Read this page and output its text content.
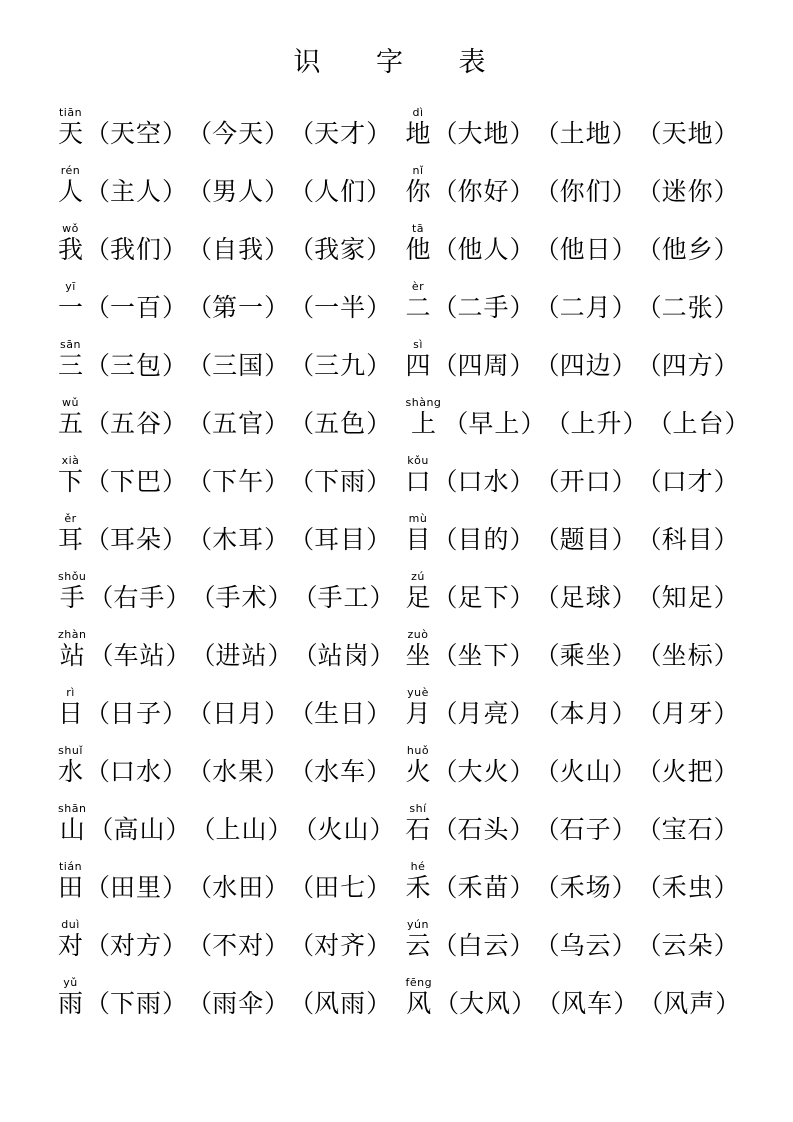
识  字  表
tiān
天 （天空） （今天） （天才）
dì
地 （大地） （土地） （天地）
rén
人 （主人） （男人） （人们）
nǐ
你 （你好） （你们） （迷你）
wǒ
我 （我们） （自我） （我家）
tā
他 （他人） （他日） （他乡）
yī
一 （一百） （第一） （一半）
èr
二 （二手） （二月） （二张）
sān
三 （三包） （三国） （三九）
sì
四 （四周） （四边） （四方）
wǔ
五 （五谷） （五官） （五色）
shàng
上 （早上） （上升） （上台）
xià
下 （下巴） （下午） （下雨）
kǒu
口 （口水） （开口） （口才）
ěr
耳 （耳朵） （木耳） （耳目）
mù
目 （目的） （题目） （科目）
shǒu
手 （右手） （手术） （手工）
zú
足 （足下） （足球） （知足）
zhàn
站 （车站） （进站） （站岗）
zuò
坐 （坐下） （乘坐） （坐标）
rì
日 （日子） （日月） （生日）
yuè
月 （月亮） （本月） （月牙）
shuǐ
水 （口水） （水果） （水车）
huǒ
火 （大火） （火山） （火把）
shān
山 （高山） （上山） （火山）
shí
石 （石头） （石子） （宝石）
tián
田 （田里） （水田） （田七）
hé
禾 （禾苗） （禾场） （禾虫）
duì
对 （对方） （不对） （对齐）
yún
云 （白云） （乌云） （云朵）
yǔ
雨 （下雨） （雨伞） （风雨）
fēng
风 （大风） （风车） （风声）
